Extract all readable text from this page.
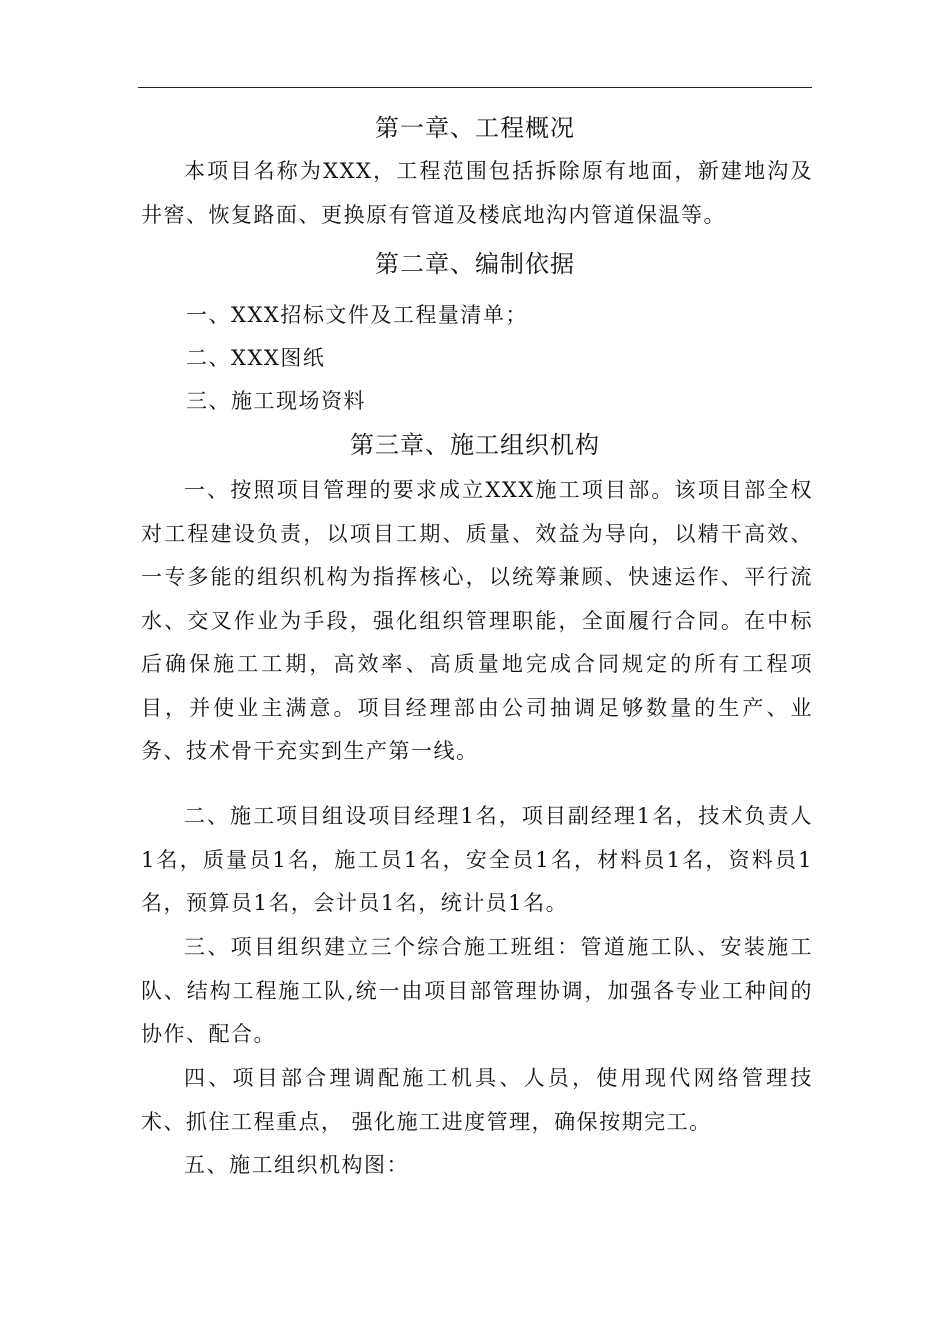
第一章、工程概况

本项目名称为XXX，工程范围包括拆除原有地面，新建地沟及井窖、恢复路面、更换原有管道及楼底地沟内管道保温等。

第二章、编制依据
一、XXX招标文件及工程量清单；
二、XXX图纸
三、施工现场资料
第三章、施工组织机构

一、按照项目管理的要求成立XXX施工项目部。该项目部全权对工程建设负责，以项目工期、质量、效益为导向，以精干高效、一专多能的组织机构为指挥核心，以统筹兼顾、快速运作、平行流水、交叉作业为手段，强化组织管理职能，全面履行合同。在中标后确保施工工期，高效率、高质量地完成合同规定的所有工程项目，并使业主满意。项目经理部由公司抽调足够数量的生产、业务、技术骨干充实到生产第一线。

二、施工项目组设项目经理1名，项目副经理1名，技术负责人1名，质量员1名，施工员1名，安全员1名，材料员1名，资料员1名，预算员1名，会计员1名，统计员1名。

三、项目组织建立三个综合施工班组：管道施工队、安装施工队、结构工程施工队,统一由项目部管理协调，加强各专业工种间的协作、配合。

四、项目部合理调配施工机具、人员，使用现代网络管理技术、抓住工程重点， 强化施工进度管理，确保按期完工。

五、施工组织机构图：
